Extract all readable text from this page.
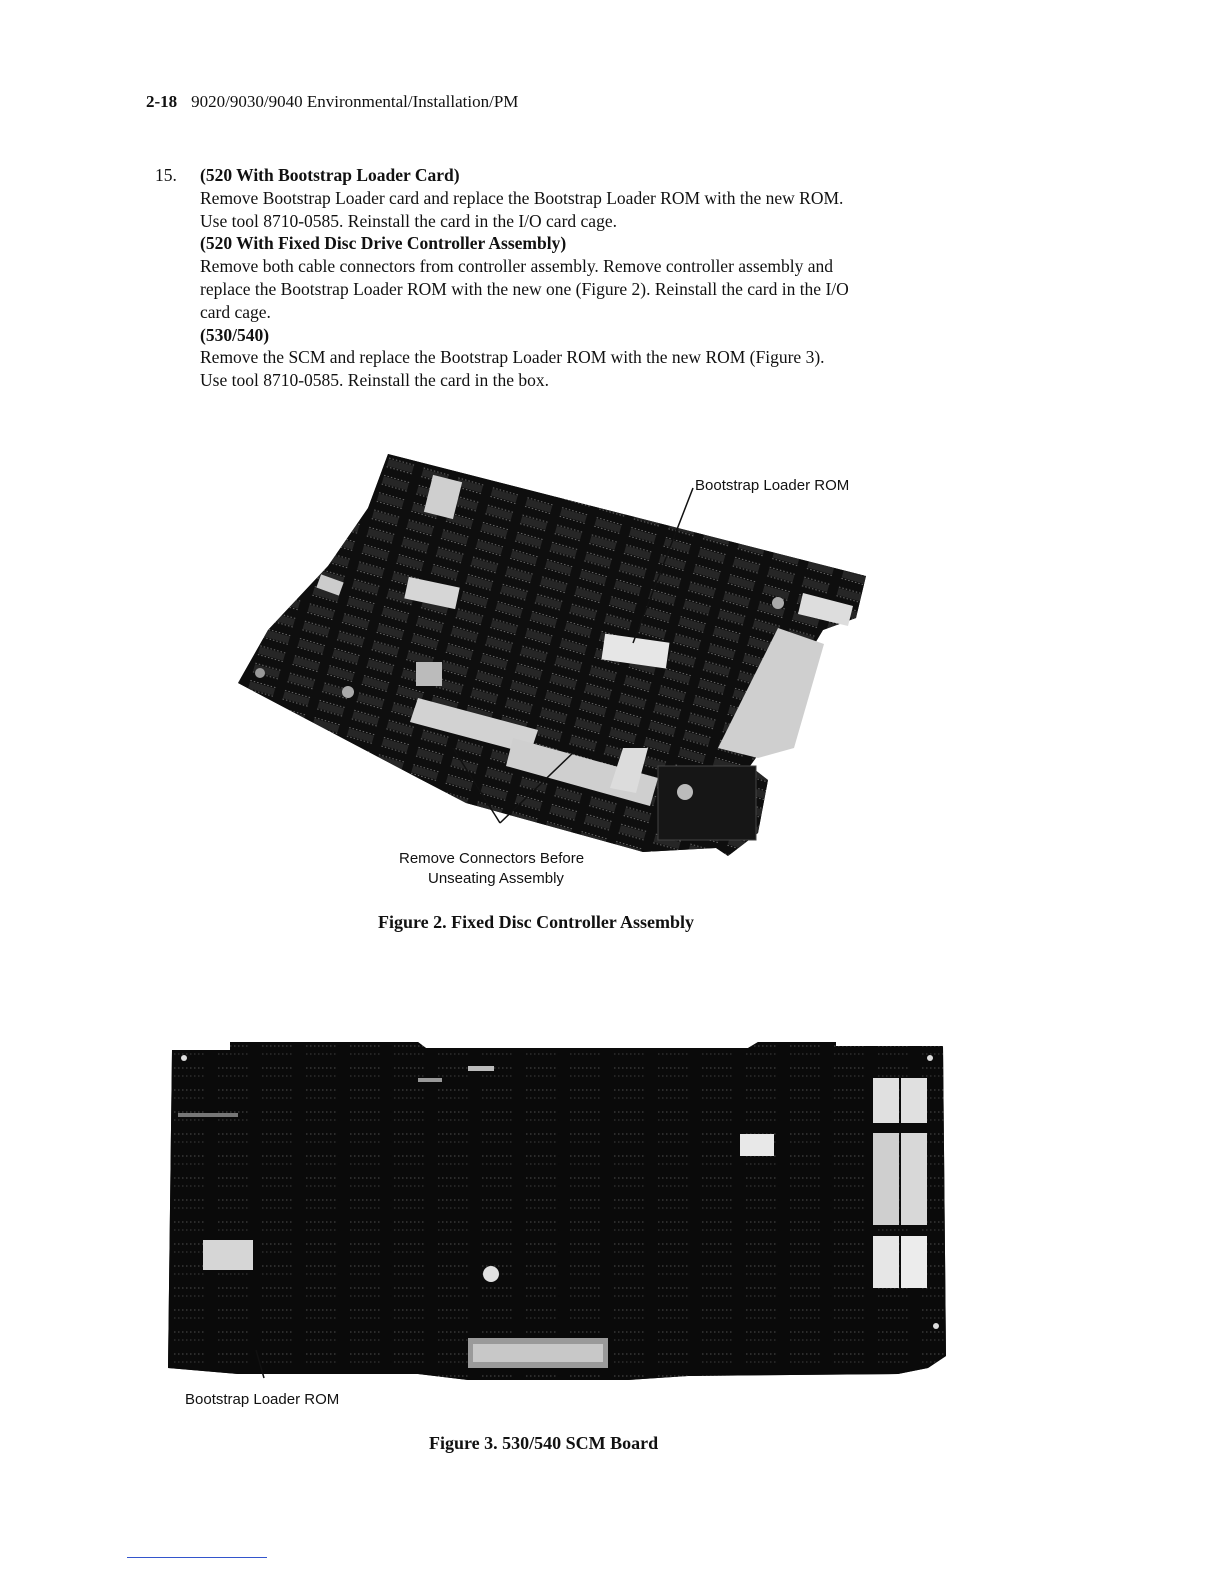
2-18 9020/9030/9040 Environmental/Installation/PM
15. (520 With Bootstrap Loader Card)

Remove Bootstrap Loader card and replace the Bootstrap Loader ROM with the new ROM.

Use tool 8710-0585. Reinstall the card in the I/O card cage.

(520 With Fixed Disc Drive Controller Assembly)

Remove both cable connectors from controller assembly. Remove controller assembly and

replace the Bootstrap Loader ROM with the new one (Figure 2). Reinstall the card in the I/O

card cage.

(530/540)

Remove the SCM and replace the Bootstrap Loader ROM with the new ROM (Figure 3).

Use tool 8710-0585. Reinstall the card in the box.

Bootstrap Loader ROM
Remove Connectors Before
Unseating Assembly
Figure 2. Fixed Disc Controller Assembly
Bootstrap Loader ROM
Figure 3. 530/540 SCM Board
